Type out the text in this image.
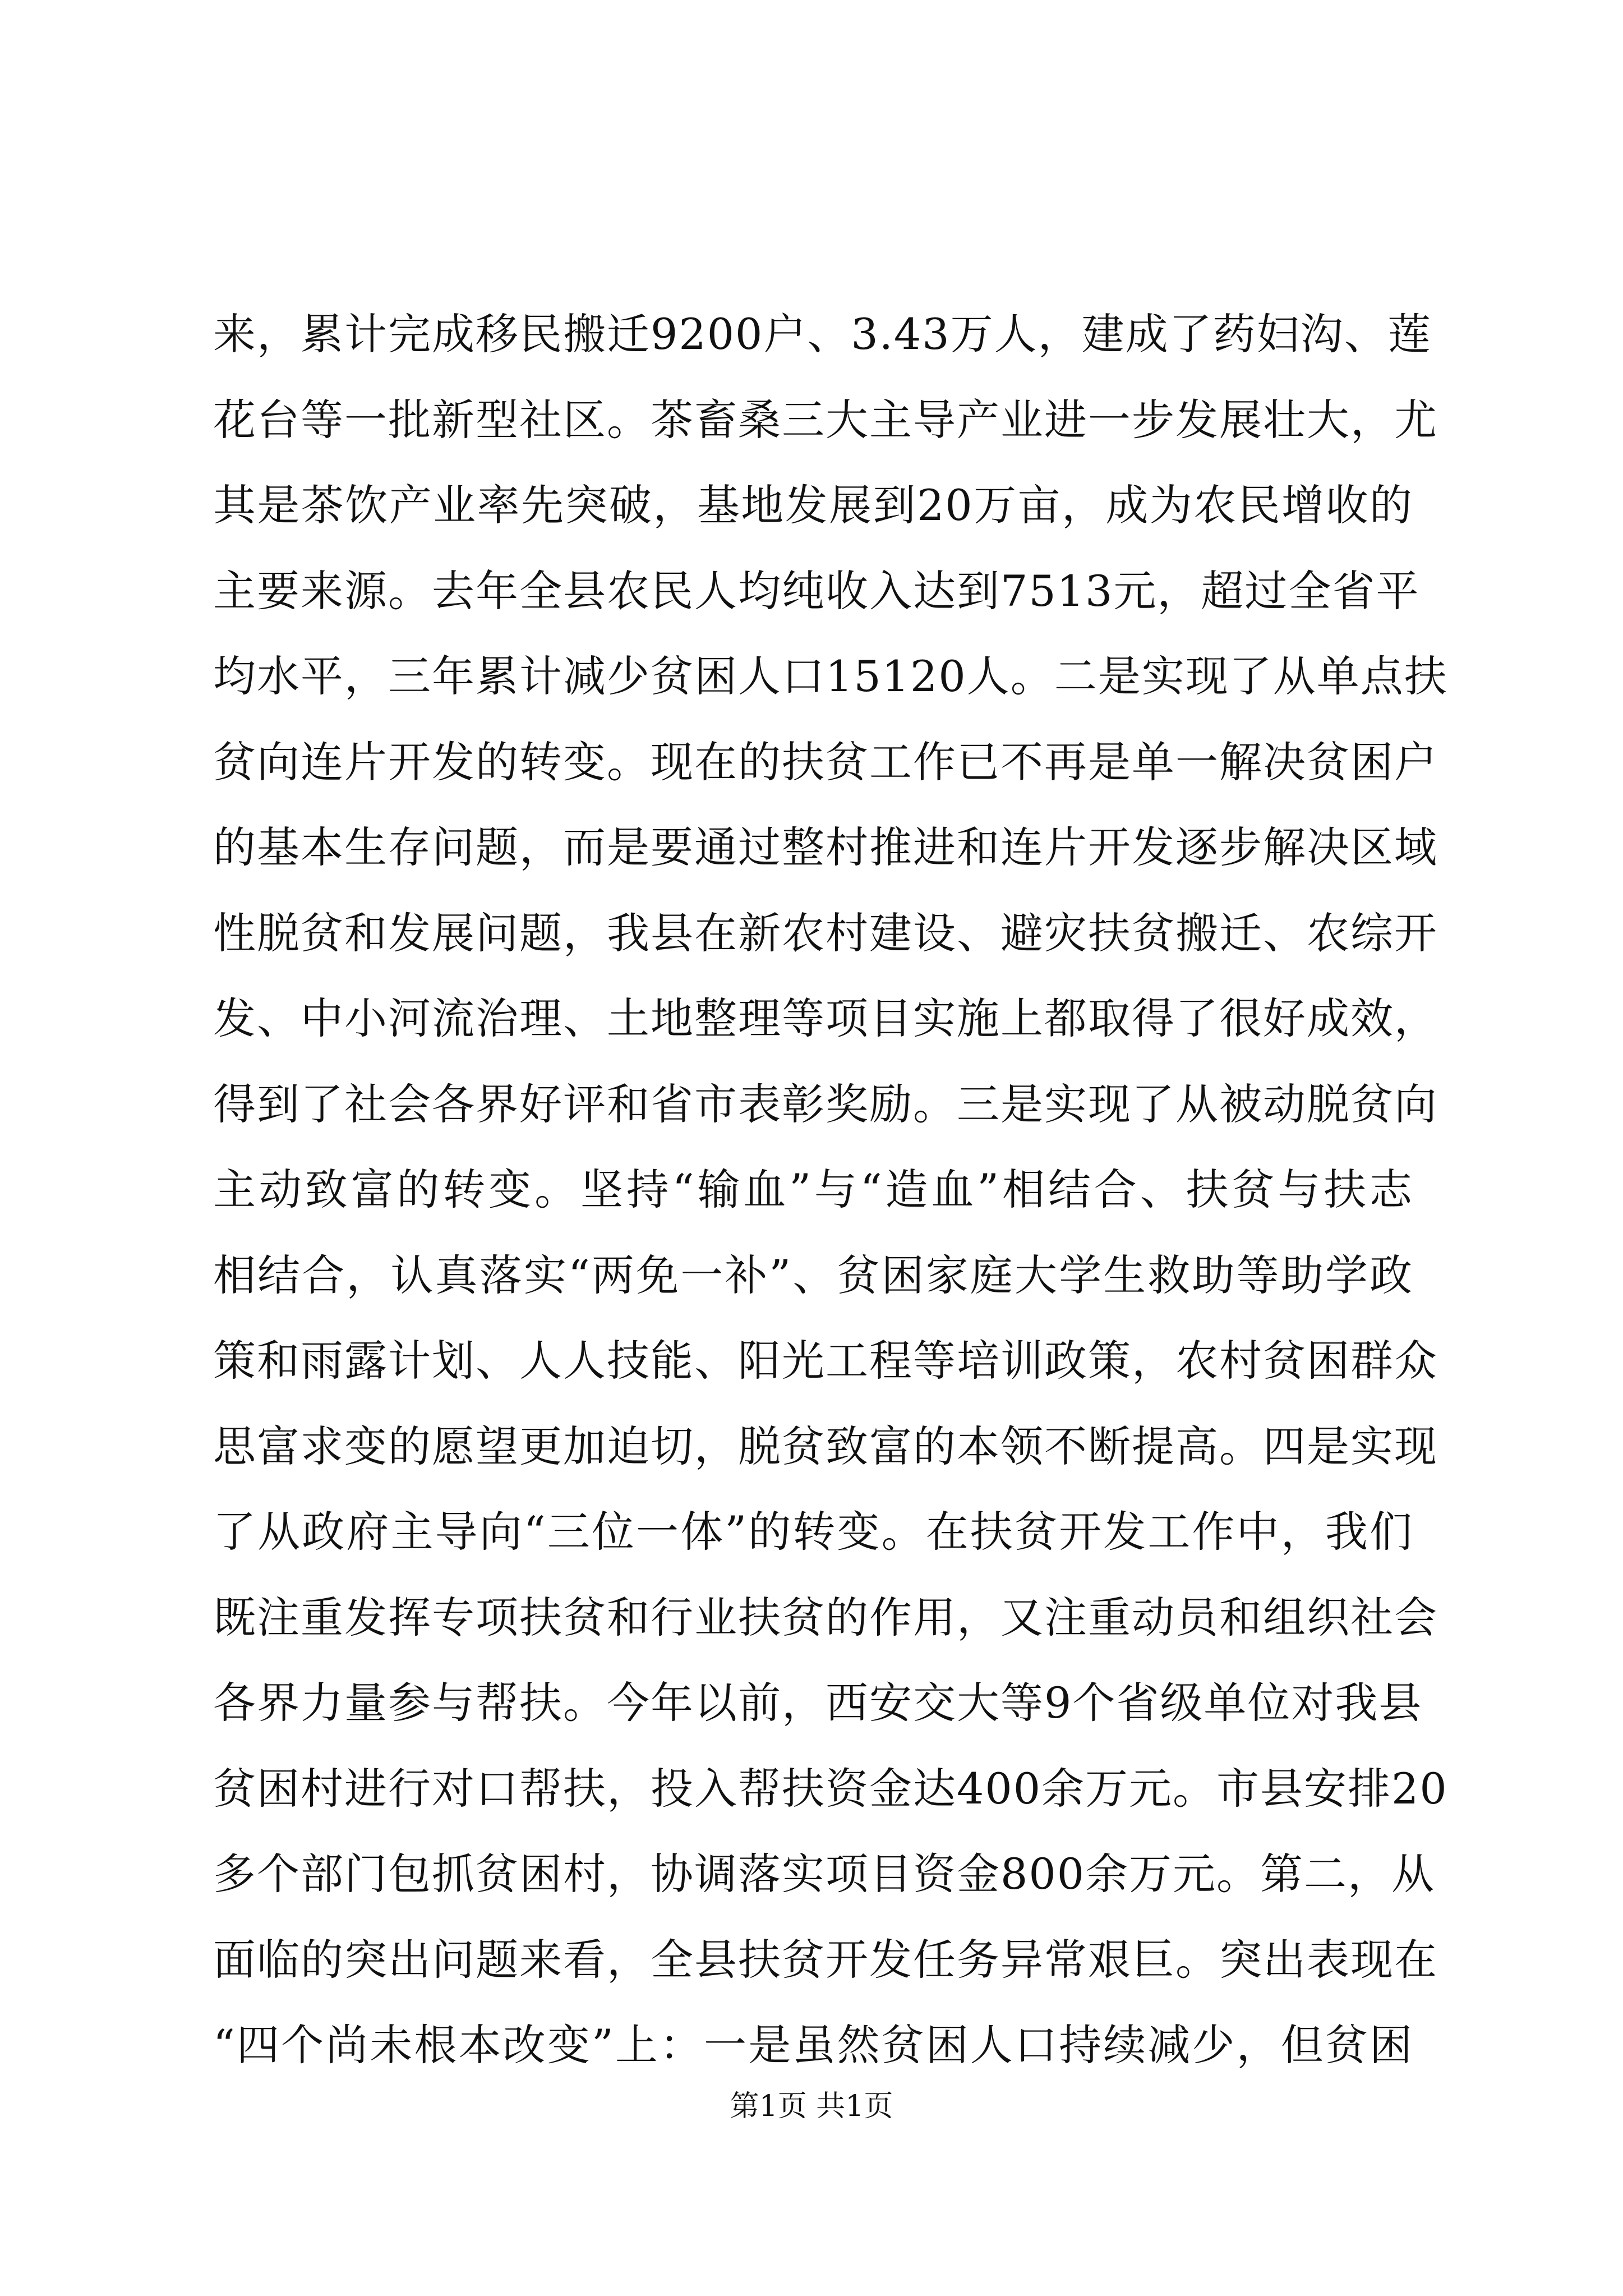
来，累计完成移民搬迁9200户、3.43万人，建成了药妇沟、莲
花台等一批新型社区。茶畜桑三大主导产业进一步发展壮大，尤
其是茶饮产业率先突破，基地发展到20万亩，成为农民增收的
主要来源。去年全县农民人均纯收入达到7513元，超过全省平
均水平，三年累计减少贫困人口15120人。二是实现了从单点扶
贫向连片开发的转变。现在的扶贫工作已不再是单一解决贫困户
的基本生存问题，而是要通过整村推进和连片开发逐步解决区域
性脱贫和发展问题，我县在新农村建设、避灾扶贫搬迁、农综开
发、中小河流治理、土地整理等项目实施上都取得了很好成效，
得到了社会各界好评和省市表彰奖励。三是实现了从被动脱贫向
主动致富的转变。坚持“输血”与“造血”相结合、扶贫与扶志
相结合，认真落实“两免一补”、贫困家庭大学生救助等助学政
策和雨露计划、人人技能、阳光工程等培训政策，农村贫困群众
思富求变的愿望更加迫切，脱贫致富的本领不断提高。四是实现
了从政府主导向“三位一体”的转变。在扶贫开发工作中，我们
既注重发挥专项扶贫和行业扶贫的作用，又注重动员和组织社会
各界力量参与帮扶。今年以前，西安交大等9个省级单位对我县
贫困村进行对口帮扶，投入帮扶资金达400余万元。市县安排20
多个部门包抓贫困村，协调落实项目资金800余万元。第二，从
面临的突出问题来看，全县扶贫开发任务异常艰巨。突出表现在
“四个尚未根本改变”上：一是虽然贫困人口持续减少，但贫困
第1页 共1页
